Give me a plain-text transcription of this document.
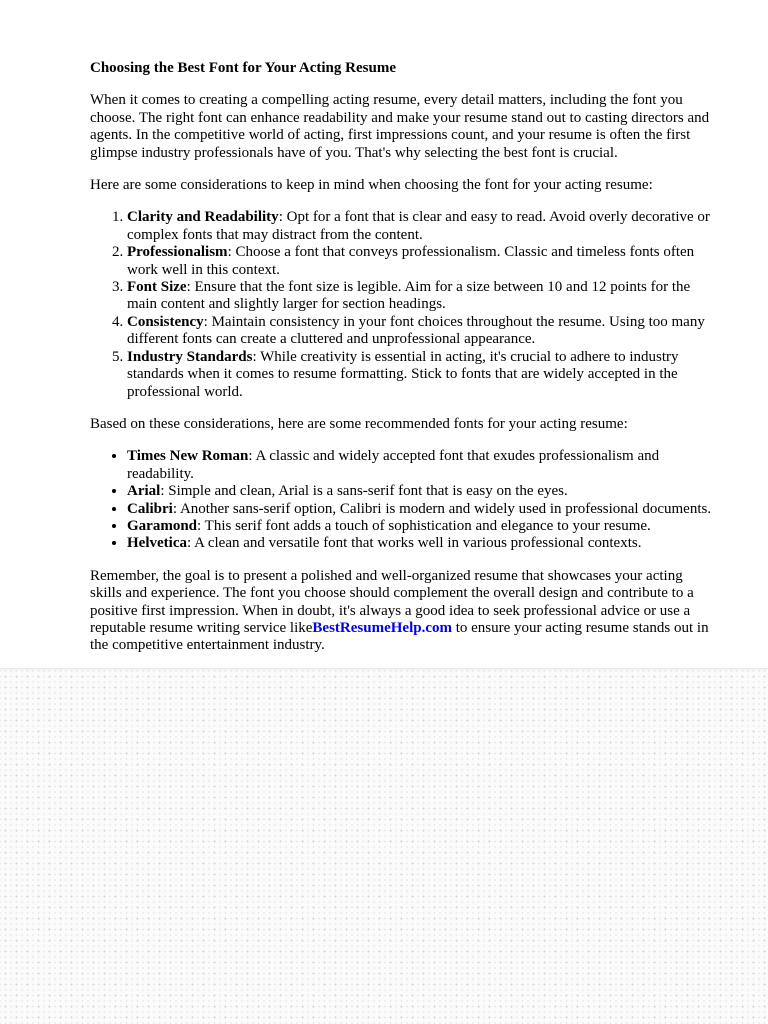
Choosing the Best Font for Your Acting Resume

When it comes to creating a compelling acting resume, every detail matters, including the font you choose. The right font can enhance readability and make your resume stand out to casting directors and agents. In the competitive world of acting, first impressions count, and your resume is often the first glimpse industry professionals have of you. That's why selecting the best font is crucial.

Here are some considerations to keep in mind when choosing the font for your acting resume:

1. Clarity and Readability: Opt for a font that is clear and easy to read. Avoid overly decorative or complex fonts that may distract from the content.
2. Professionalism: Choose a font that conveys professionalism. Classic and timeless fonts often work well in this context.
3. Font Size: Ensure that the font size is legible. Aim for a size between 10 and 12 points for the main content and slightly larger for section headings.
4. Consistency: Maintain consistency in your font choices throughout the resume. Using too many different fonts can create a cluttered and unprofessional appearance.
5. Industry Standards: While creativity is essential in acting, it's crucial to adhere to industry standards when it comes to resume formatting. Stick to fonts that are widely accepted in the professional world.

Based on these considerations, here are some recommended fonts for your acting resume:

• Times New Roman: A classic and widely accepted font that exudes professionalism and readability.
• Arial: Simple and clean, Arial is a sans-serif font that is easy on the eyes.
• Calibri: Another sans-serif option, Calibri is modern and widely used in professional documents.
• Garamond: This serif font adds a touch of sophistication and elegance to your resume.
• Helvetica: A clean and versatile font that works well in various professional contexts.

Remember, the goal is to present a polished and well-organized resume that showcases your acting skills and experience. The font you choose should complement the overall design and contribute to a positive first impression. When in doubt, it's always a good idea to seek professional advice or use a reputable resume writing service likeBestResumeHelp.com to ensure your acting resume stands out in the competitive entertainment industry.
